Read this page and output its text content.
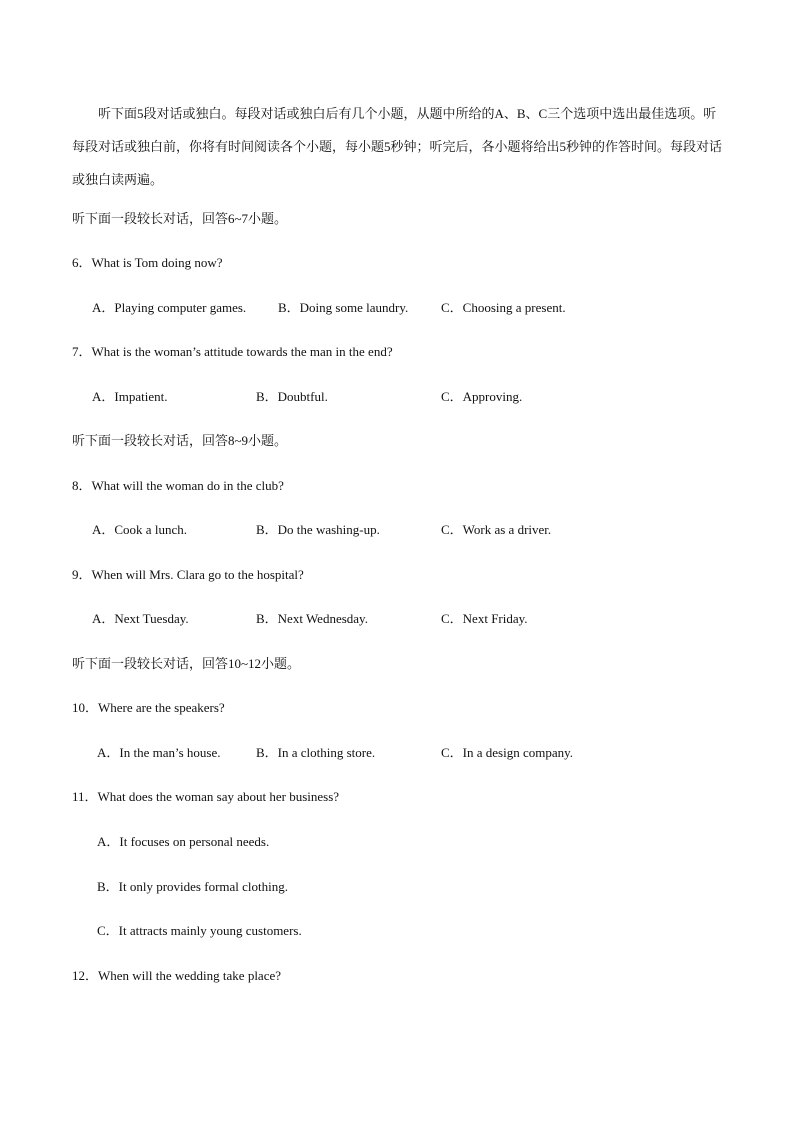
听下面5段对话或独白。每段对话或独白后有几个小题，从题中所给的A、B、C三个选项中选出最佳选项。听每段对话或独白前，你将有时间阅读各个小题，每小题5秒钟；听完后，各小题将给出5秒钟的作答时间。每段对话或独白读两遍。
听下面一段较长对话，回答6~7小题。
6．What is Tom doing now?
A．Playing computer games. B．Doing some laundry.	C．Choosing a present.
7．What is the woman’s attitude towards the man in the end?
A．Impatient.	B．Doubtful.	C．Approving.
听下面一段较长对话，回答8~9小题。
8．What will the woman do in the club?
A．Cook a lunch.	B．Do the washing-up.	C．Work as a driver.
9．When will Mrs. Clara go to the hospital?
A．Next Tuesday.	B．Next Wednesday.	C．Next Friday.
听下面一段较长对话，回答10~12小题。
10．Where are the speakers?
A．In the man’s house.	B．In a clothing store.	C．In a design company.
11．What does the woman say about her business?
A．It focuses on personal needs.
B．It only provides formal clothing.
C．It attracts mainly young customers.
12．When will the wedding take place?
